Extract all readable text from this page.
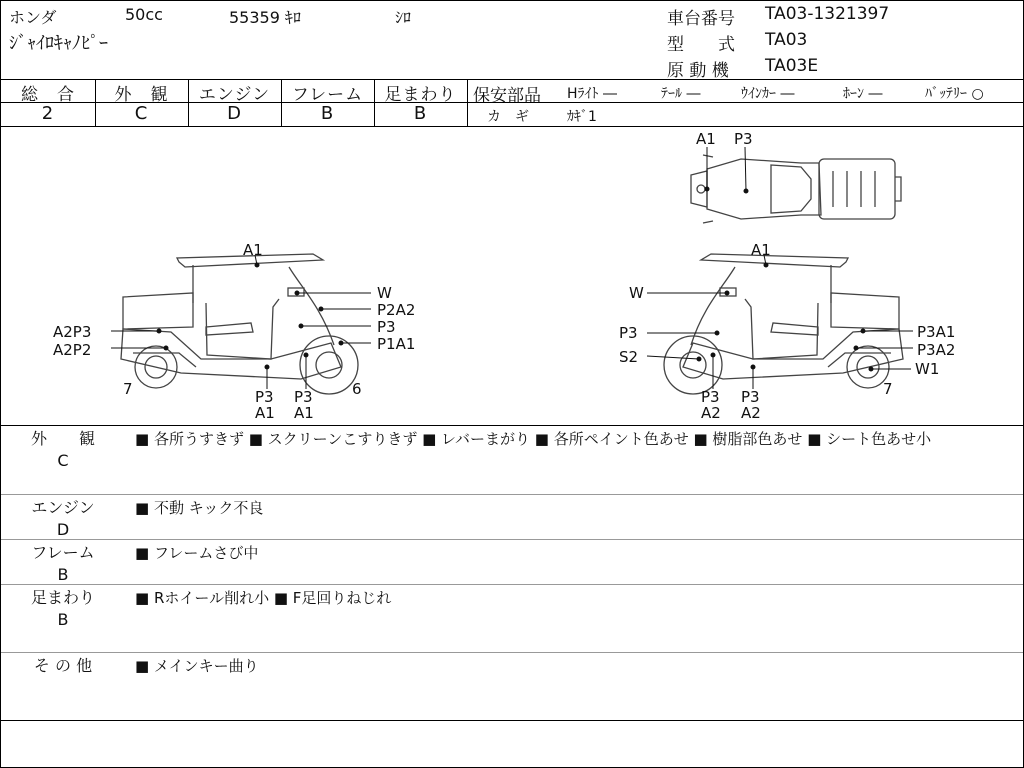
ホンダ	50cc	55359 ｷﾛ	ｼﾛ
ｼﾞｬｲﾛｷｬﾉﾋﾟｰ
車台番号 TA03-1321397
型　　式 TA03
原 動 機 TA03E
総　合	外　観	エンジン	フレーム	足まわり
2	C	D	B	B
保安部品 Hﾗｲﾄ ―	ﾃｰﾙ ―	ｳｲﾝｶｰ ―	ﾎｰﾝ ―	ﾊﾞｯﾃﾘｰ ○
カ　ギ	ｶｷﾞ1
A1
W
P2A2
P3
P1A1
A2P3
A2P2
7	6
P3
A1
P3
A1
A1
W
P3
S2
P3A1
P3A2
W1
7
P3
A2
P3
A2
A1 P3
外　　観
C
■ 各所うすきず ■ スクリーンこすりきず ■ レバーまがり ■ 各所ペイント色あせ ■ 樹脂部色あせ ■ シート色あせ小
エンジン
D
■ 不動 キック不良
フレーム
B
■ フレームさび中
足まわり
B
■ Rホイール削れ小 ■ F足回りねじれ
そ の 他	■ メインキー曲り
